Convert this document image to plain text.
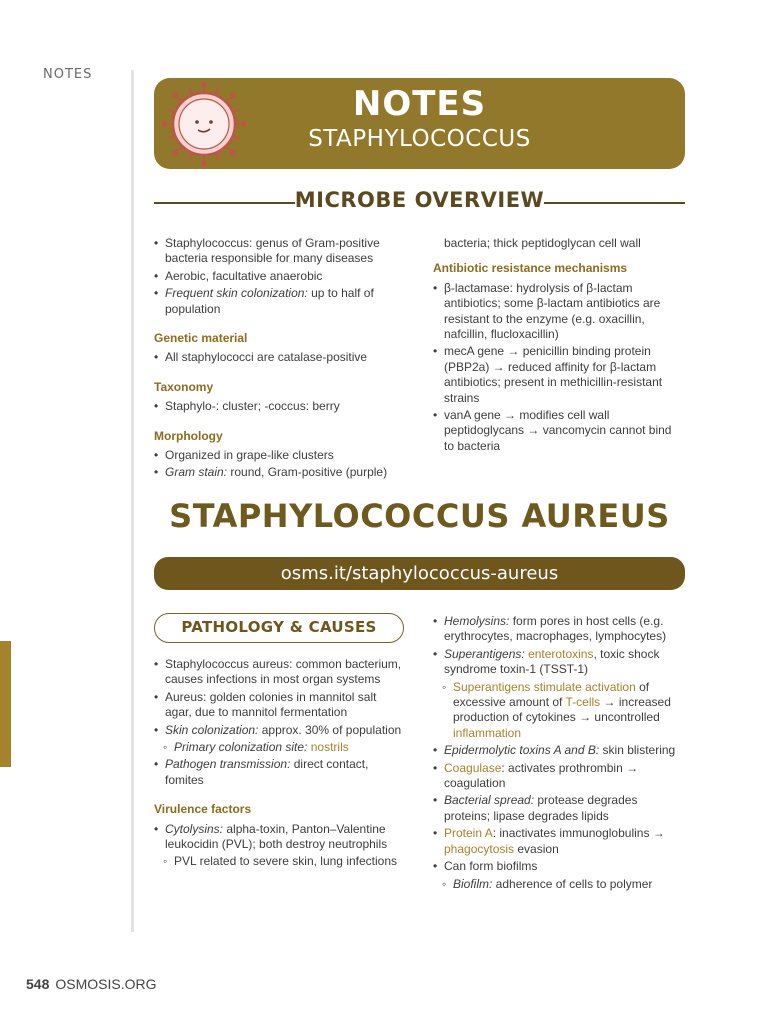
NOTES
NOTES
STAPHYLOCOCCUS
MICROBE OVERVIEW
• Staphylococcus: genus of Gram-positive bacteria responsible for many diseases
• Aerobic, facultative anaerobic
• Frequent skin colonization: up to half of population
Genetic material
• All staphylococci are catalase-positive
Taxonomy
• Staphylo-: cluster; -coccus: berry
Morphology
• Organized in grape-like clusters
• Gram stain: round, Gram-positive (purple)
bacteria; thick peptidoglycan cell wall
Antibiotic resistance mechanisms
• β-lactamase: hydrolysis of β-lactam antibiotics; some β-lactam antibiotics are resistant to the enzyme (e.g. oxacillin, nafcillin, flucloxacillin)
• mecA gene → penicillin binding protein (PBP2a) → reduced affinity for β-lactam antibiotics; present in methicillin-resistant strains
• vanA gene → modifies cell wall peptidoglycans → vancomycin cannot bind to bacteria
STAPHYLOCOCCUS AUREUS
osms.it/staphylococcus-aureus
PATHOLOGY & CAUSES
• Staphylococcus aureus: common bacterium, causes infections in most organ systems
• Aureus: golden colonies in mannitol salt agar, due to mannitol fermentation
• Skin colonization: approx. 30% of population
◦ Primary colonization site: nostrils
• Pathogen transmission: direct contact, fomites
Virulence factors
• Cytolysins: alpha-toxin, Panton–Valentine leukocidin (PVL); both destroy neutrophils
◦ PVL related to severe skin, lung infections
• Hemolysins: form pores in host cells (e.g. erythrocytes, macrophages, lymphocytes)
• Superantigens: enterotoxins, toxic shock syndrome toxin-1 (TSST-1)
◦ Superantigens stimulate activation of excessive amount of T-cells → increased production of cytokines → uncontrolled inflammation
• Epidermolytic toxins A and B: skin blistering
• Coagulase: activates prothrombin → coagulation
• Bacterial spread: protease degrades proteins; lipase degrades lipids
• Protein A: inactivates immunoglobulins → phagocytosis evasion
• Can form biofilms
◦ Biofilm: adherence of cells to polymer
548 OSMOSIS.ORG
